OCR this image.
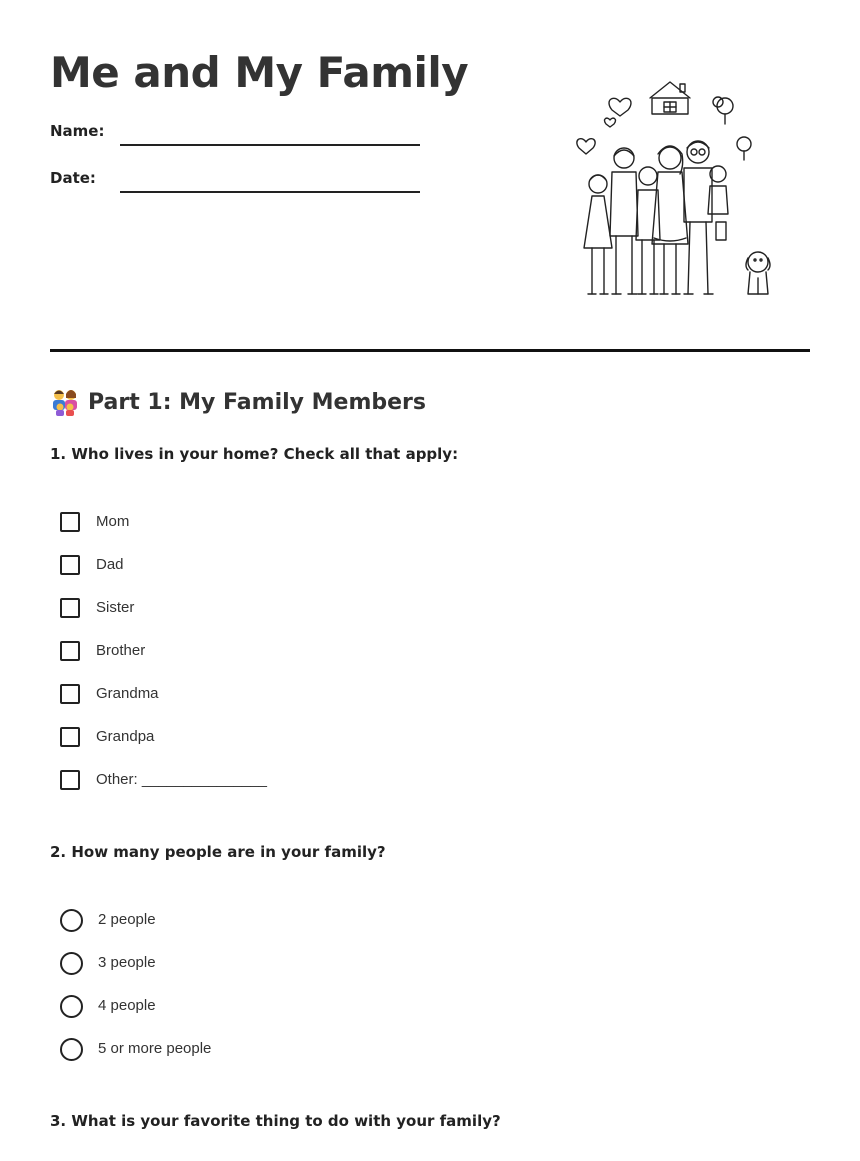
Me and My Family
Name:
Date:
Part 1: My Family Members

1. Who lives in your home? Check all that apply:

Mom
Dad
Sister
Brother
Grandma
Grandpa
Other: _______________

2. How many people are in your family?

2 people
3 people
4 people
5 or more people

3. What is your favorite thing to do with your family?
